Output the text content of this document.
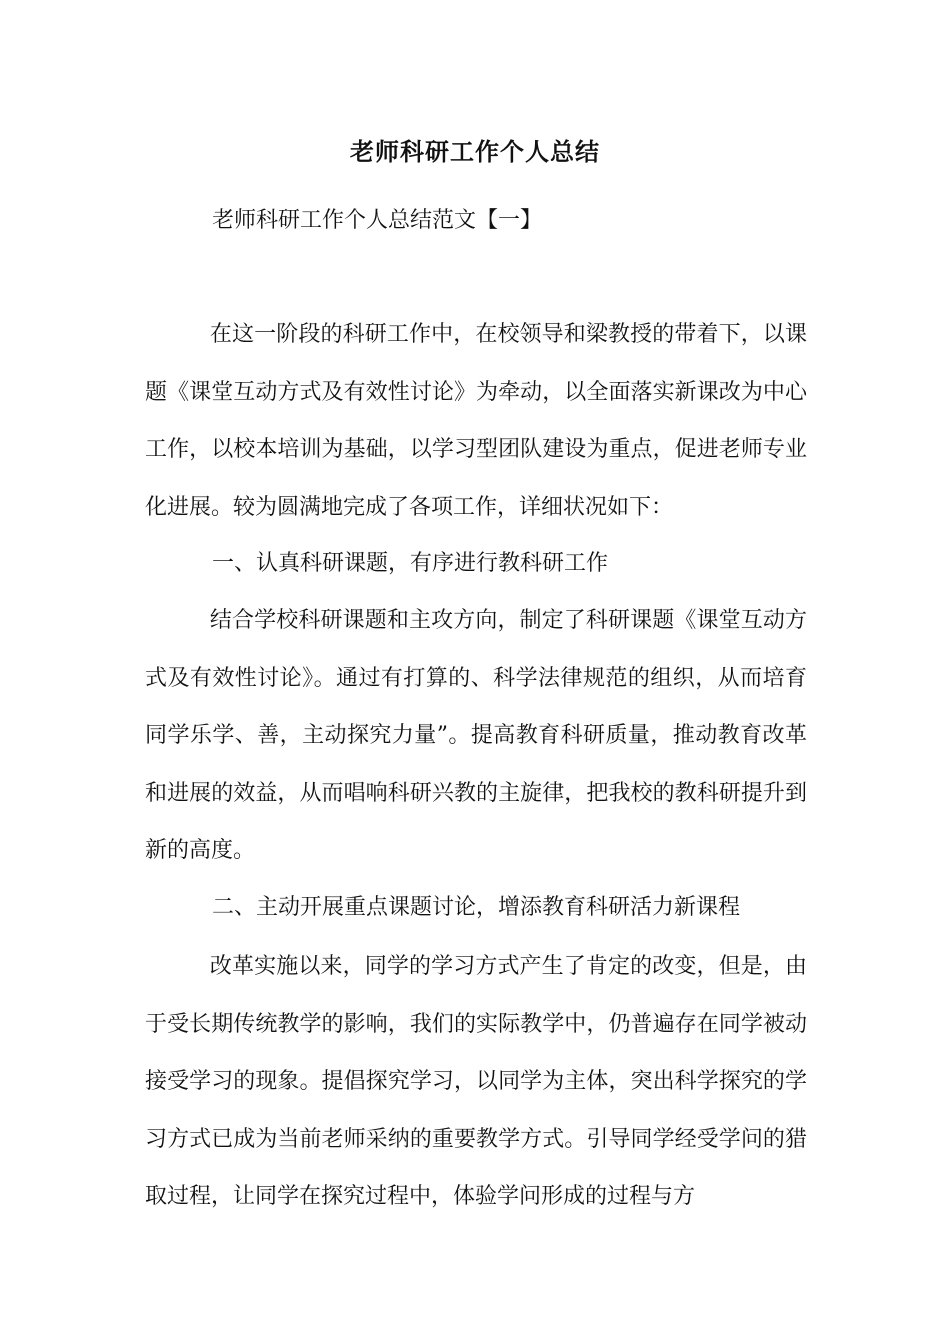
老师科研工作个人总结

老师科研工作个人总结范文【一】

在这一阶段的科研工作中，在校领导和梁教授的带着下，以课题《课堂互动方式及有效性讨论》为牵动，以全面落实新课改为中心工作，以校本培训为基础，以学习型团队建设为重点，促进老师专业化进展。较为圆满地完成了各项工作，详细状况如下：

一、认真科研课题，有序进行教科研工作

结合学校科研课题和主攻方向，制定了科研课题《课堂互动方式及有效性讨论》。通过有打算的、科学法律规范的组织，从而培育同学乐学、善，主动探究力量”。提高教育科研质量，推动教育改革和进展的效益，从而唱响科研兴教的主旋律，把我校的教科研提升到新的高度。

二、主动开展重点课题讨论，增添教育科研活力新课程

改革实施以来，同学的学习方式产生了肯定的改变，但是，由于受长期传统教学的影响，我们的实际教学中，仍普遍存在同学被动接受学习的现象。提倡探究学习，以同学为主体，突出科学探究的学习方式已成为当前老师采纳的重要教学方式。引导同学经受学问的猎取过程，让同学在探究过程中，体验学问形成的过程与方
